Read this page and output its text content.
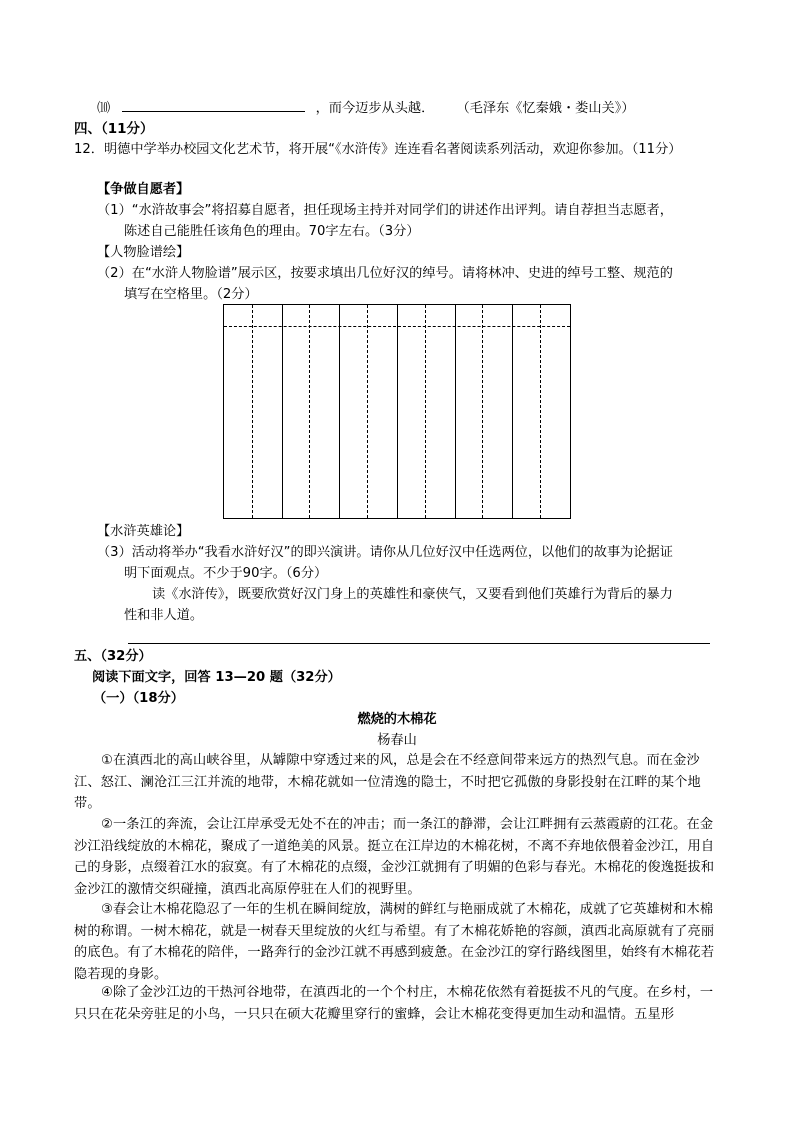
⑽	，而今迈步从头越． （毛泽东《忆秦娥・娄山关》）
四、（11分）
12．明德中学举办校园文化艺术节，将开展“《水浒传》连连看名著阅读系列活动，欢迎你参加。（11分）
【争做自愿者】
（1）“水浒故事会”将招募自愿者，担任现场主持并对同学们的讲述作出评判。请自荐担当志愿者，
陈述自己能胜任该角色的理由。70字左右。（3分）
【人物脸谱绘】
（2）在“水浒人物脸谱”展示区，按要求填出几位好汉的绰号。请将林冲、史进的绰号工整、规范的
填写在空格里。（2分）
【水浒英雄论】
（3）活动将举办“我看水浒好汉”的即兴演讲。请你从几位好汉中任选两位，以他们的故事为论据证
明下面观点。不少于90字。（6分）
读《水浒传》，既要欣赏好汉门身上的英雄性和豪侠气，又要看到他们英雄行为背后的暴力
性和非人道。
五、（32分）
阅读下面文字，回答 13—20 题（32分）
（一）（18分）
燃烧的木棉花
杨春山
①在滇西北的高山峡谷里，从罅隙中穿透过来的风，总是会在不经意间带来远方的热烈气息。而在金沙江、怒江、澜沧江三江并流的地带，木棉花就如一位清逸的隐士，不时把它孤傲的身影投射在江畔的某个地带。
②一条江的奔流，会让江岸承受无处不在的冲击；而一条江的静滞，会让江畔拥有云蒸霞蔚的江花。在金沙江沿线绽放的木棉花，聚成了一道绝美的风景。挺立在江岸边的木棉花树，不离不弃地依偎着金沙江，用自己的身影，点缀着江水的寂寞。有了木棉花的点缀，金沙江就拥有了明媚的色彩与春光。木棉花的俊逸挺拔和金沙江的激情交织碰撞，滇西北高原停驻在人们的视野里。
③春会让木棉花隐忍了一年的生机在瞬间绽放，满树的鲜红与艳丽成就了木棉花，成就了它英雄树和木棉树的称谓。一树木棉花，就是一树春天里绽放的火红与希望。有了木棉花娇艳的容颜，滇西北高原就有了亮丽的底色。有了木棉花的陪伴，一路奔行的金沙江就不再感到疲惫。在金沙江的穿行路线图里，始终有木棉花若隐若现的身影。
④除了金沙江边的干热河谷地带，在滇西北的一个个村庄，木棉花依然有着挺拔不凡的气度。在乡村，一只只在花朵旁驻足的小鸟，一只只在硕大花瓣里穿行的蜜蜂，会让木棉花变得更加生动和温情。五星形
